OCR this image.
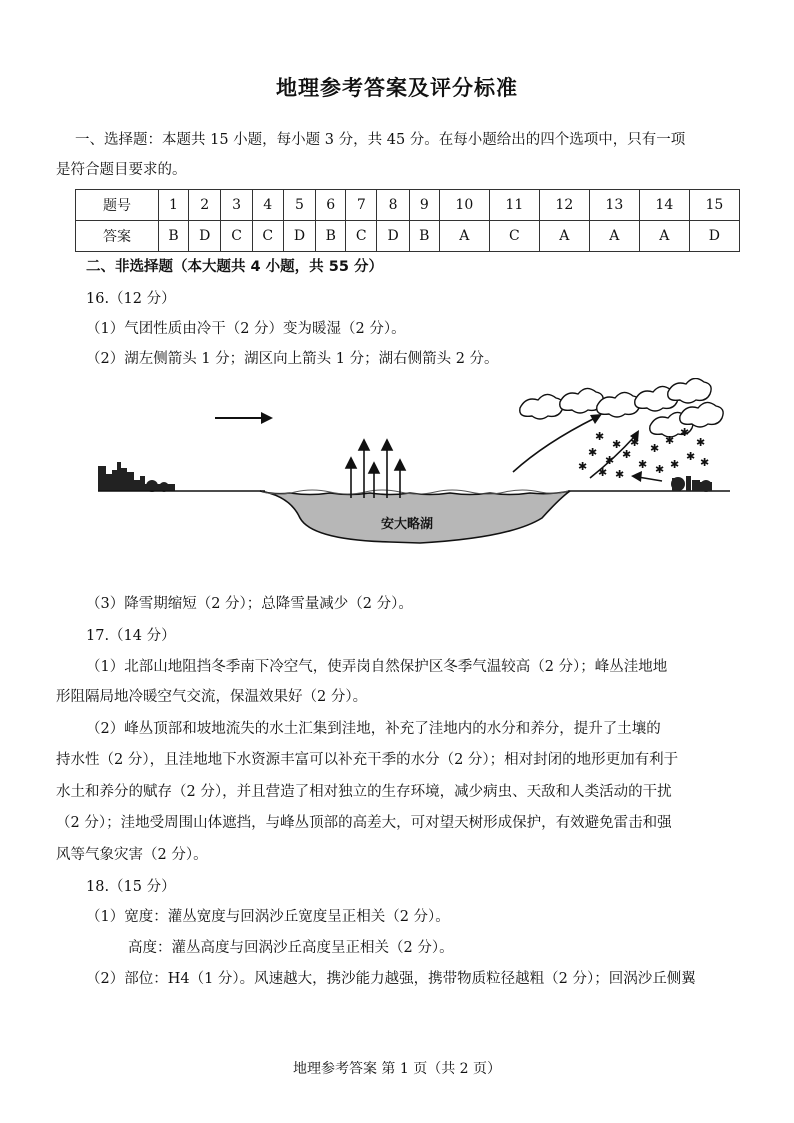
地理参考答案及评分标准
一、选择题：本题共 15 小题，每小题 3 分，共 45 分。在每小题给出的四个选项中，只有一项
是符合题目要求的。
题号	1	2	3	4	5	6	7	8	9	10	11	12	13	14	15
答案	B	D	C	C	D	B	C	D	B	A	C	A	A	A	D
二、非选择题（本大题共 4 小题，共 55 分）
16.（12 分）
（1）气团性质由冷干（2 分）变为暖湿（2 分）。
（2）湖左侧箭头 1 分；湖区向上箭头 1 分；湖右侧箭头 2 分。
安大略湖
✱
✱
✱
✱ ✱
✱
✱ ✱
✱
✱
✱
✱
✱
✱
✱
✱
✱
✱
（3）降雪期缩短（2 分）；总降雪量减少（2 分）。
17.（14 分）
（1）北部山地阻挡冬季南下冷空气，使弄岗自然保护区冬季气温较高（2 分）；峰丛洼地地
形阻隔局地冷暖空气交流，保温效果好（2 分）。
（2）峰丛顶部和坡地流失的水土汇集到洼地，补充了洼地内的水分和养分，提升了土壤的
持水性（2 分），且洼地地下水资源丰富可以补充干季的水分（2 分）；相对封闭的地形更加有利于
水土和养分的赋存（2 分），并且营造了相对独立的生存环境，减少病虫、天敌和人类活动的干扰
（2 分）；洼地受周围山体遮挡，与峰丛顶部的高差大，可对望天树形成保护，有效避免雷击和强
风等气象灾害（2 分）。
18.（15 分）
（1）宽度：灌丛宽度与回涡沙丘宽度呈正相关（2 分）。
高度：灌丛高度与回涡沙丘高度呈正相关（2 分）。
（2）部位：H4（1 分）。风速越大，携沙能力越强，携带物质粒径越粗（2 分）；回涡沙丘侧翼
地理参考答案 第 1 页（共 2 页）
